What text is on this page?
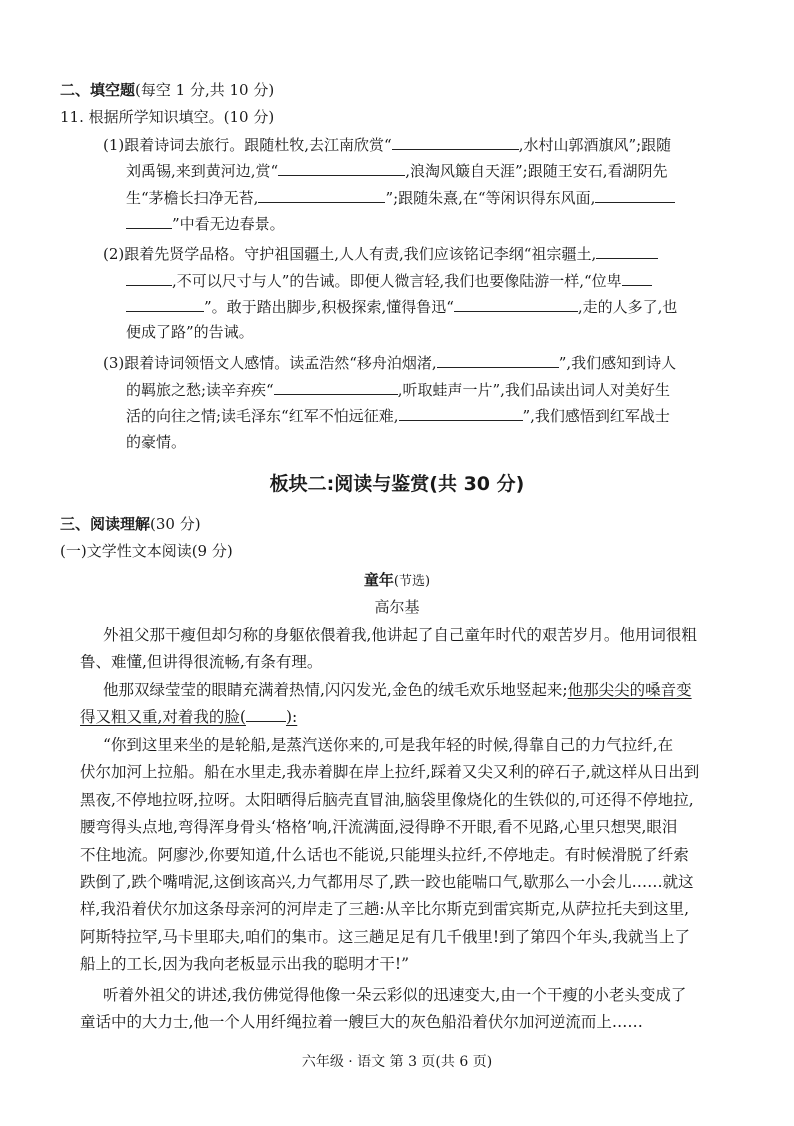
二、填空题(每空 1 分,共 10 分)
11. 根据所学知识填空。(10 分)
(1)跟着诗词去旅行。跟随杜牧,去江南欣赏“	,水村山郭酒旗风”;跟随
刘禹锡,来到黄河边,赏“	,浪淘风簸自天涯”;跟随王安石,看湖阴先
生“茅檐长扫净无苔,	”;跟随朱熹,在“等闲识得东风面,
”中看无边春景。
(2)跟着先贤学品格。守护祖国疆土,人人有责,我们应该铭记李纲“祖宗疆土,
,不可以尺寸与人”的告诫。即便人微言轻,我们也要像陆游一样,“位卑
”。敢于踏出脚步,积极探索,懂得鲁迅“	,走的人多了,也
便成了路”的告诫。
(3)跟着诗词领悟文人感情。读孟浩然“移舟泊烟渚,	”,我们感知到诗人
的羁旅之愁;读辛弃疾“	,听取蛙声一片”,我们品读出词人对美好生
活的向往之情;读毛泽东“红军不怕远征难,	”,我们感悟到红军战士
的豪情。
板块二:阅读与鉴赏(共 30 分)
三、阅读理解(30 分)
(一)文学性文本阅读(9 分)
童年(节选)
高尔基
外祖父那干瘦但却匀称的身躯依偎着我,他讲起了自己童年时代的艰苦岁月。他用词很粗
鲁、难懂,但讲得很流畅,有条有理。
他那双绿莹莹的眼睛充满着热情,闪闪发光,金色的绒毛欢乐地竖起来;他那尖尖的嗓音变
得又粗又重,对着我的脸(	):
“你到这里来坐的是轮船,是蒸汽送你来的,可是我年轻的时候,得靠自己的力气拉纤,在
伏尔加河上拉船。船在水里走,我赤着脚在岸上拉纤,踩着又尖又利的碎石子,就这样从日出到
黑夜,不停地拉呀,拉呀。太阳晒得后脑壳直冒油,脑袋里像烧化的生铁似的,可还得不停地拉,
腰弯得头点地,弯得浑身骨头‘格格’响,汗流满面,浸得睁不开眼,看不见路,心里只想哭,眼泪
不住地流。阿廖沙,你要知道,什么话也不能说,只能埋头拉纤,不停地走。有时候滑脱了纤索
跌倒了,跌个嘴啃泥,这倒该高兴,力气都用尽了,跌一跤也能喘口气,歇那么一小会儿……就这
样,我沿着伏尔加这条母亲河的河岸走了三趟:从辛比尔斯克到雷宾斯克,从萨拉托夫到这里,
阿斯特拉罕,马卡里耶夫,咱们的集市。这三趟足足有几千俄里!到了第四个年头,我就当上了
船上的工长,因为我向老板显示出我的聪明才干!”
听着外祖父的讲述,我仿佛觉得他像一朵云彩似的迅速变大,由一个干瘦的小老头变成了
童话中的大力士,他一个人用纤绳拉着一艘巨大的灰色船沿着伏尔加河逆流而上……
六年级 · 语文 第 3 页(共 6 页)
